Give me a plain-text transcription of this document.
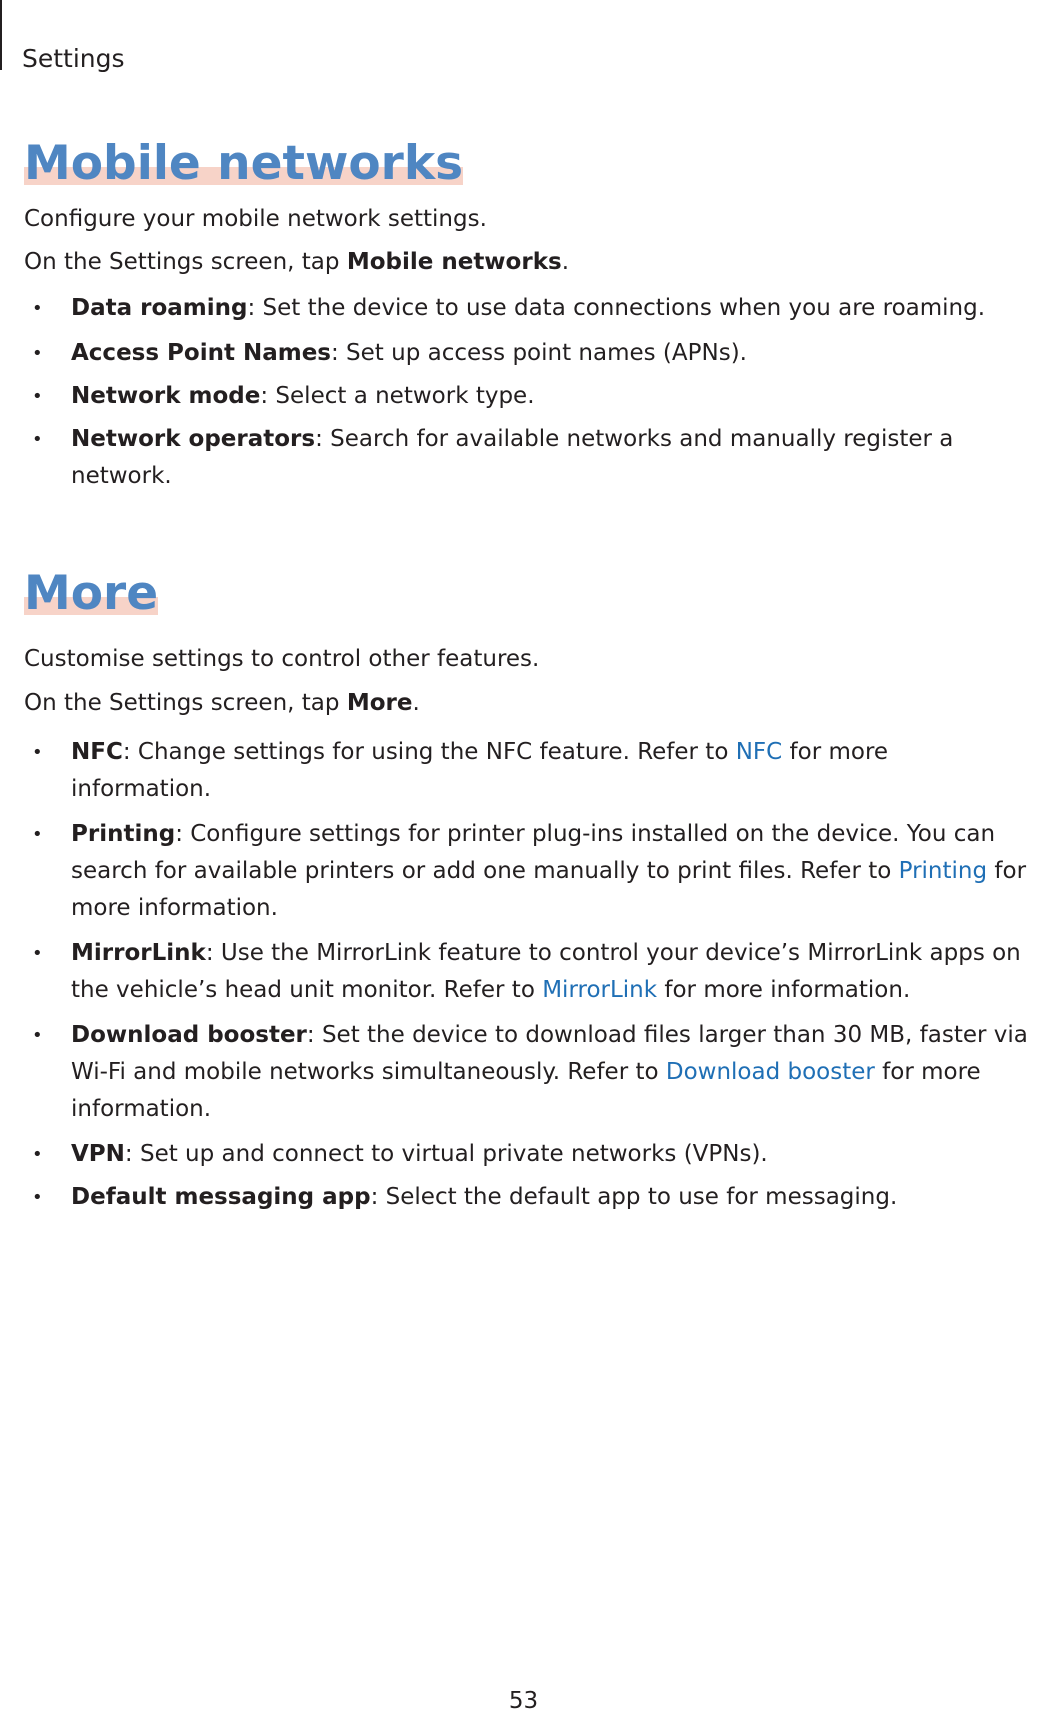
Settings
Mobile networks

Configure your mobile network settings.

On the Settings screen, tap Mobile networks.

• Data roaming: Set the device to use data connections when you are roaming.
• Access Point Names: Set up access point names (APNs).
• Network mode: Select a network type.
• Network operators: Search for available networks and manually register a network.
More

Customise settings to control other features.

On the Settings screen, tap More.

• NFC: Change settings for using the NFC feature. Refer to NFC for more information.
• Printing: Configure settings for printer plug-ins installed on the device. You can search for available printers or add one manually to print files. Refer to Printing for more information.
• MirrorLink: Use the MirrorLink feature to control your device’s MirrorLink apps on the vehicle’s head unit monitor. Refer to MirrorLink for more information.
• Download booster: Set the device to download files larger than 30 MB, faster via Wi-Fi and mobile networks simultaneously. Refer to Download booster for more information.
• VPN: Set up and connect to virtual private networks (VPNs).
• Default messaging app: Select the default app to use for messaging.
53
